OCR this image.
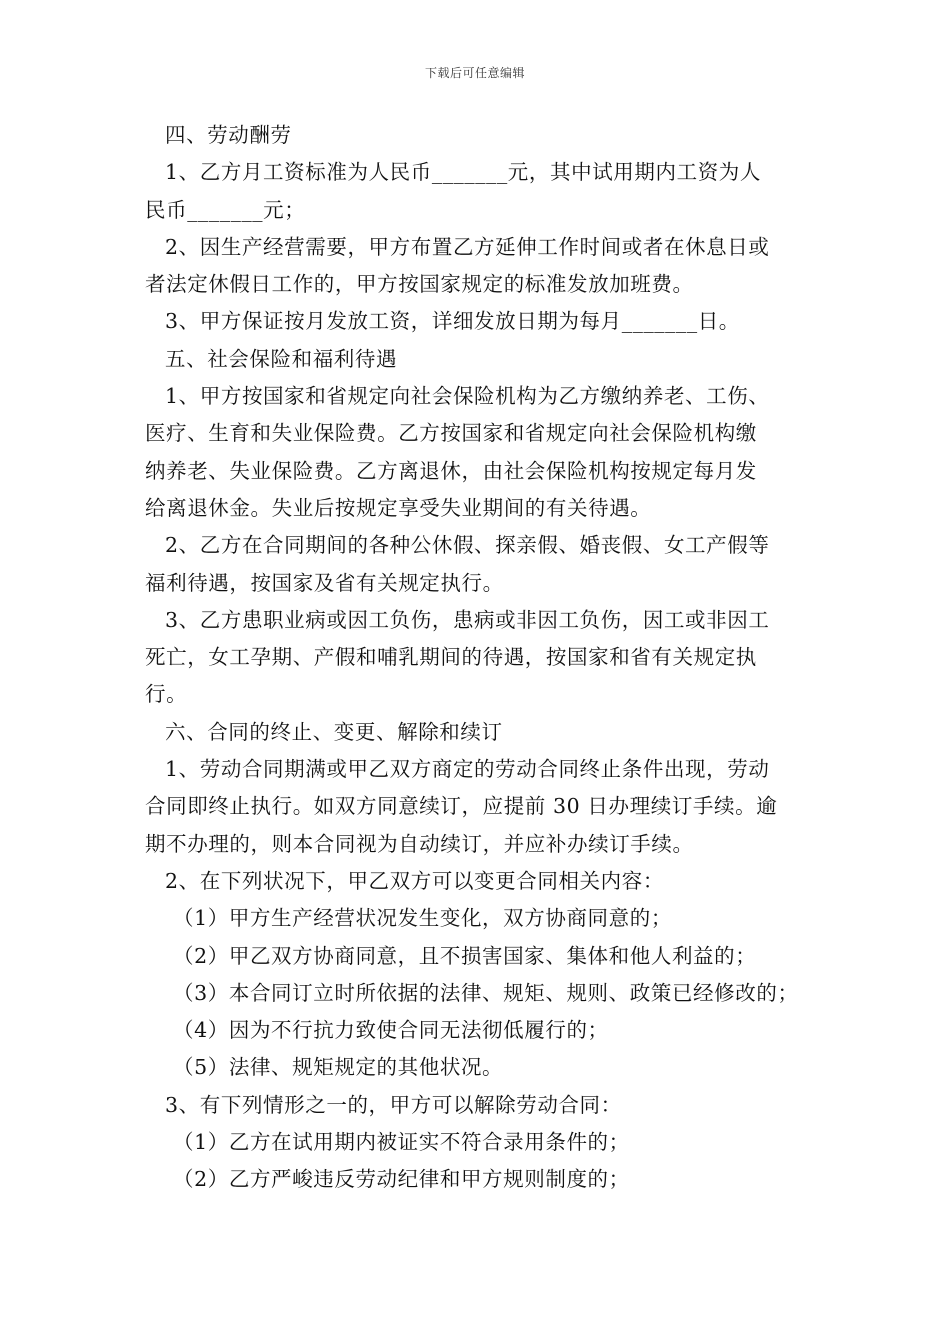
下载后可任意编辑
四、劳动酬劳
1、乙方月工资标准为人民币_______元，其中试用期内工资为人
民币_______元；
2、因生产经营需要，甲方布置乙方延伸工作时间或者在休息日或
者法定休假日工作的，甲方按国家规定的标准发放加班费。
3、甲方保证按月发放工资，详细发放日期为每月_______日。
五、社会保险和福利待遇
1、甲方按国家和省规定向社会保险机构为乙方缴纳养老、工伤、
医疗、生育和失业保险费。乙方按国家和省规定向社会保险机构缴
纳养老、失业保险费。乙方离退休，由社会保险机构按规定每月发
给离退休金。失业后按规定享受失业期间的有关待遇。
2、乙方在合同期间的各种公休假、探亲假、婚丧假、女工产假等
福利待遇，按国家及省有关规定执行。
3、乙方患职业病或因工负伤，患病或非因工负伤，因工或非因工
死亡，女工孕期、产假和哺乳期间的待遇，按国家和省有关规定执
行。
六、合同的终止、变更、解除和续订
1、劳动合同期满或甲乙双方商定的劳动合同终止条件出现，劳动
合同即终止执行。如双方同意续订，应提前 30 日办理续订手续。逾
期不办理的，则本合同视为自动续订，并应补办续订手续。
2、在下列状况下，甲乙双方可以变更合同相关内容：
（1）甲方生产经营状况发生变化，双方协商同意的；
（2）甲乙双方协商同意，且不损害国家、集体和他人利益的；
（3）本合同订立时所依据的法律、规矩、规则、政策已经修改的；
（4）因为不行抗力致使合同无法彻低履行的；
（5）法律、规矩规定的其他状况。
3、有下列情形之一的，甲方可以解除劳动合同：
（1）乙方在试用期内被证实不符合录用条件的；
（2）乙方严峻违反劳动纪律和甲方规则制度的；
